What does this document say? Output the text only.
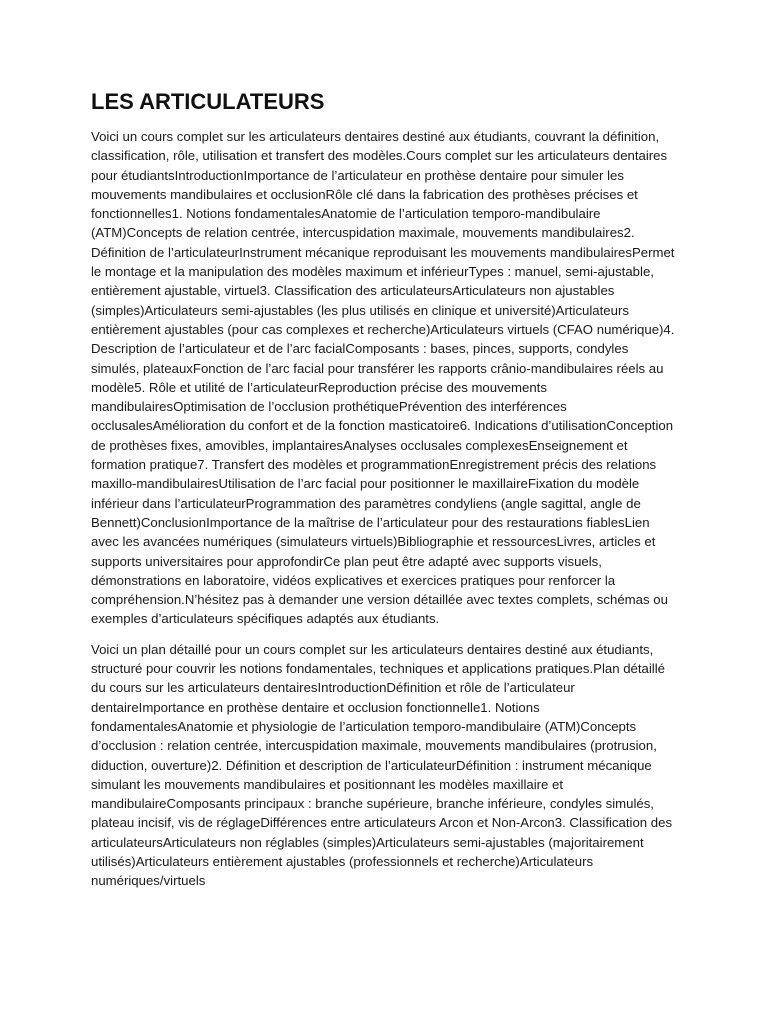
LES ARTICULATEURS

Voici un cours complet sur les articulateurs dentaires destiné aux étudiants, couvrant la définition, classification, rôle, utilisation et transfert des modèles.Cours complet sur les articulateurs dentaires pour étudiantsIntroductionImportance de l’articulateur en prothèse dentaire pour simuler les mouvements mandibulaires et occlusionRôle clé dans la fabrication des prothèses précises et fonctionnelles1. Notions fondamentalesAnatomie de l’articulation temporo-mandibulaire (ATM)Concepts de relation centrée, intercuspidation maximale, mouvements mandibulaires2. Définition de l’articulateurInstrument mécanique reproduisant les mouvements mandibulairesPermet le montage et la manipulation des modèles maximum et inférieurTypes : manuel, semi-ajustable, entièrement ajustable, virtuel3. Classification des articulateursArticulateurs non ajustables (simples)Articulateurs semi-ajustables (les plus utilisés en clinique et université)Articulateurs entièrement ajustables (pour cas complexes et recherche)Articulateurs virtuels (CFAO numérique)4. Description de l’articulateur et de l’arc facialComposants : bases, pinces, supports, condyles simulés, plateauxFonction de l’arc facial pour transférer les rapports crânio-mandibulaires réels au modèle5. Rôle et utilité de l’articulateurReproduction précise des mouvements mandibulairesOptimisation de l’occlusion prothétiquePrévention des interférences occlusalesAmélioration du confort et de la fonction masticatoire6. Indications d’utilisationConception de prothèses fixes, amovibles, implantairesAnalyses occlusales complexesEnseignement et formation pratique7. Transfert des modèles et programmationEnregistrement précis des relations maxillo-mandibulairesUtilisation de l’arc facial pour positionner le maxillaireFixation du modèle inférieur dans l’articulateurProgrammation des paramètres condyliens (angle sagittal, angle de Bennett)ConclusionImportance de la maîtrise de l’articulateur pour des restaurations fiablesLien avec les avancées numériques (simulateurs virtuels)Bibliographie et ressourcesLivres, articles et supports universitaires pour approfondirCe plan peut être adapté avec supports visuels, démonstrations en laboratoire, vidéos explicatives et exercices pratiques pour renforcer la compréhension.N’hésitez pas à demander une version détaillée avec textes complets, schémas ou exemples d’articulateurs spécifiques adaptés aux étudiants.

Voici un plan détaillé pour un cours complet sur les articulateurs dentaires destiné aux étudiants, structuré pour couvrir les notions fondamentales, techniques et applications pratiques.Plan détaillé du cours sur les articulateurs dentairesIntroductionDéfinition et rôle de l’articulateur dentaireImportance en prothèse dentaire et occlusion fonctionnelle1. Notions fondamentalesAnatomie et physiologie de l’articulation temporo-mandibulaire (ATM)Concepts d’occlusion : relation centrée, intercuspidation maximale, mouvements mandibulaires (protrusion, diduction, ouverture)2. Définition et description de l’articulateurDéfinition : instrument mécanique simulant les mouvements mandibulaires et positionnant les modèles maxillaire et mandibulaireComposants principaux : branche supérieure, branche inférieure, condyles simulés, plateau incisif, vis de réglageDifférences entre articulateurs Arcon et Non-Arcon3. Classification des articulateursArticulateurs non réglables (simples)Articulateurs semi-ajustables (majoritairement utilisés)Articulateurs entièrement ajustables (professionnels et recherche)Articulateurs numériques/virtuels
